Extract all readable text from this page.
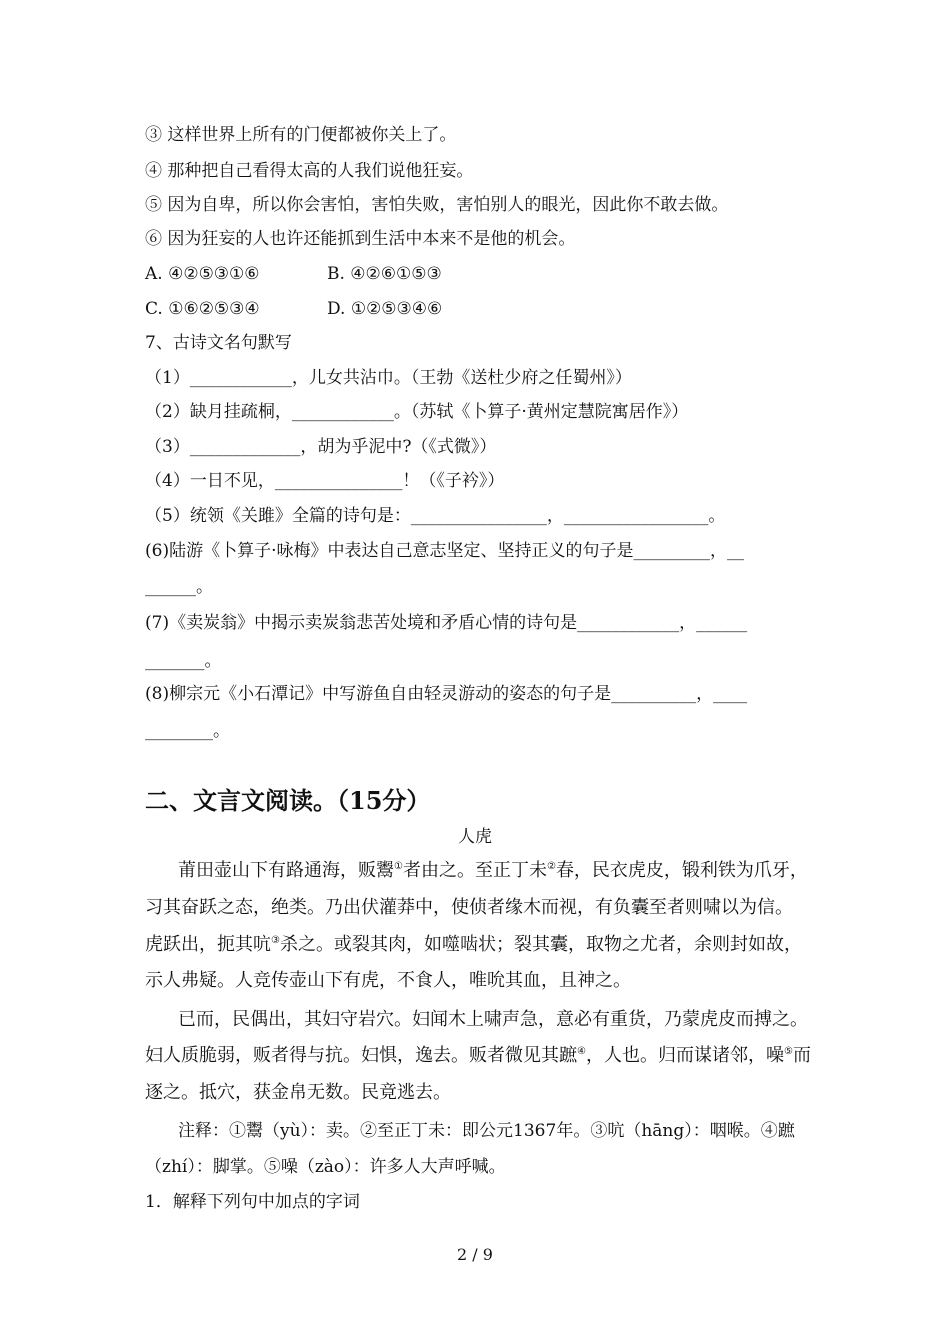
③ 这样世界上所有的门便都被你关上了。
④ 那种把自己看得太高的人我们说他狂妄。
⑤ 因为自卑，所以你会害怕，害怕失败，害怕别人的眼光，因此你不敢去做。
⑥ 因为狂妄的人也许还能抓到生活中本来不是他的机会。
A. ④②⑤③①⑥	B. ④②⑥①⑤③
C. ①⑥②⑤③④	D. ①②⑤③④⑥
7、古诗文名句默写
（1）____________，儿女共沾巾。（王勃《送杜少府之任蜀州》）
（2）缺月挂疏桐，____________。（苏轼《卜算子·黄州定慧院寓居作》）
（3）_____________，胡为乎泥中?（《式微》）
（4）一日不见，_______________！（《子衿》）
（5）统领《关雎》全篇的诗句是：________________，_________________。
(6)陆游《卜算子·咏梅》中表达自己意志坚定、坚持正义的句子是_________，__
______。
(7)《卖炭翁》中揭示卖炭翁悲苦处境和矛盾心情的诗句是____________，______
_______。
(8)柳宗元《小石潭记》中写游鱼自由轻灵游动的姿态的句子是__________，____
________。
二、文言文阅读。（15分）
人虎
莆田壶山下有路通海，贩鬻①者由之。至正丁未②春，民衣虎皮，锻利铁为爪牙，
习其奋跃之态，绝类。乃出伏灌莽中，使侦者缘木而视，有负囊至者则啸以为信。
虎跃出，扼其吭③杀之。或裂其肉，如噬啮状；裂其囊，取物之尤者，余则封如故，
示人弗疑。人竞传壶山下有虎，不食人，唯吮其血，且神之。
已而，民偶出，其妇守岩穴。妇闻木上啸声急，意必有重货，乃蒙虎皮而搏之。
妇人质脆弱，贩者得与抗。妇惧，逸去。贩者微见其蹠④，人也。归而谋诸邻，噪⑤而
逐之。抵穴，获金帛无数。民竟逃去。
注释：①鬻（yù）：卖。②至正丁未：即公元1367年。③吭（hāng）：咽喉。④蹠
（zhí）：脚掌。⑤噪（zào）：许多人大声呼喊。
1．解释下列句中加点的字词
2 / 9
